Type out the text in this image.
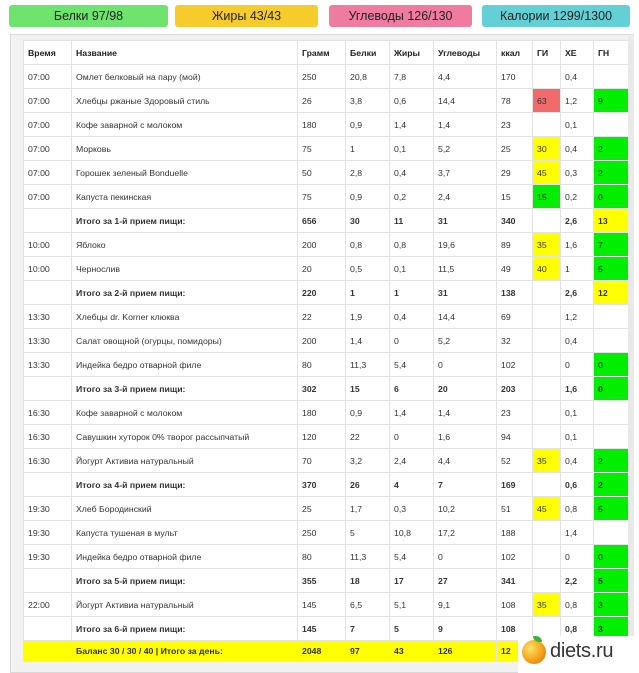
Белки 97/98	Жиры 43/43	Углеводы 126/130	Калории 1299/1300
Время	Название	Грамм	Белки	Жиры	Углеводы	ккал	ГИ	ХЕ	ГН
07:00	Омлет белковый на пару (мой)	250	20,8	7,8	4,4	170		0,4	
07:00	Хлебцы ржаные Здоровый стиль	26	3,8	0,6	14,4	78	63	1,2	9
07:00	Кофе заварной с молоком	180	0,9	1,4	1,4	23		0,1	
07:00	Морковь	75	1	0,1	5,2	25	30	0,4	2
07:00	Горошек зеленый Bonduelle	50	2,8	0,4	3,7	29	45	0,3	2
07:00	Капуста пекинская	75	0,9	0,2	2,4	15	15	0,2	0
	Итого за 1-й прием пищи:	656	30	11	31	340		2,6	13
10:00	Яблоко	200	0,8	0,8	19,6	89	35	1,6	7
10:00	Чернослив	20	0,5	0,1	11,5	49	40	1	5
	Итого за 2-й прием пищи:	220	1	1	31	138		2,6	12
13:30	Хлебцы dr. Korner клюква	22	1,9	0,4	14,4	69		1,2	
13:30	Салат овощной (огурцы, помидоры)	200	1,4	0	5,2	32		0,4	
13:30	Индейка бедро отварной филе	80	11,3	5,4	0	102		0	0
	Итого за 3-й прием пищи:	302	15	6	20	203		1,6	0
16:30	Кофе заварной с молоком	180	0,9	1,4	1,4	23		0,1	
16:30	Савушкин хуторок 0% творог рассыпчатый	120	22	0	1,6	94		0,1	
16:30	Йогурт Активиа натуральный	70	3,2	2,4	4,4	52	35	0,4	2
	Итого за 4-й прием пищи:	370	26	4	7	169		0,6	2
19:30	Хлеб Бородинский	25	1,7	0,3	10,2	51	45	0,8	5
19:30	Капуста тушеная в мульт	250	5	10,8	17,2	188		1,4	
19:30	Индейка бедро отварной филе	80	11,3	5,4	0	102		0	0
	Итого за 5-й прием пищи:	355	18	17	27	341		2,2	5
22:00	Йогурт Активиа натуральный	145	6,5	5,1	9,1	108	35	0,8	3
	Итого за 6-й прием пищи:	145	7	5	9	108		0,8	3
	Баланс 30 / 30 / 40 | Итого за день:	2048	97	43	126	12			diets.ru
